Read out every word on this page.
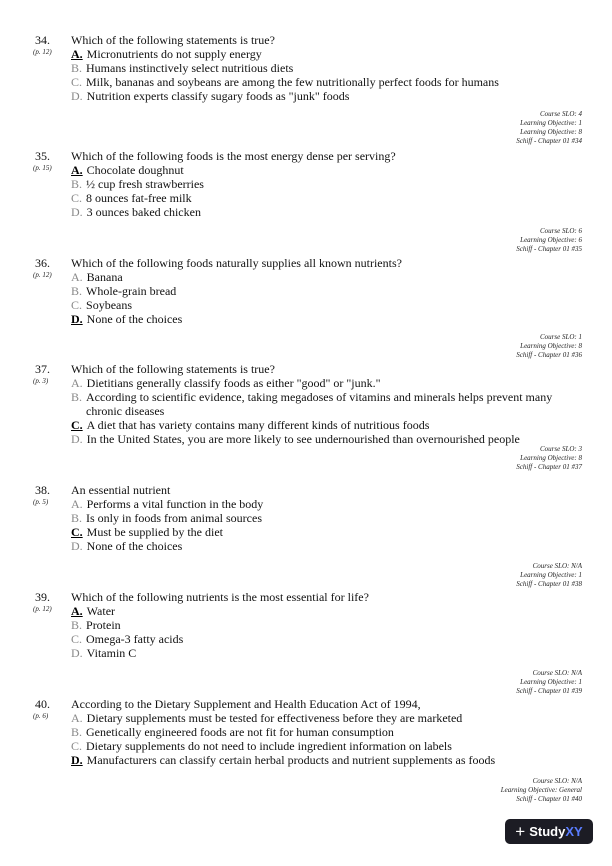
34.
(p. 12)
Which of the following statements is true?
A. Micronutrients do not supply energy
B. Humans instinctively select nutritious diets
C. Milk, bananas and soybeans are among the few nutritionally perfect foods for humans
D. Nutrition experts classify sugary foods as "junk" foods
Course SLO: 4
Learning Objective: 1
Learning Objective: 8
Schiff - Chapter 01 #34
35.
(p. 15)
Which of the following foods is the most energy dense per serving?
A. Chocolate doughnut
B. ½ cup fresh strawberries
C. 8 ounces fat-free milk
D. 3 ounces baked chicken
Course SLO: 6
Learning Objective: 6
Schiff - Chapter 01 #35
36.
(p. 12)
Which of the following foods naturally supplies all known nutrients?
A. Banana
B. Whole-grain bread
C. Soybeans
D. None of the choices
Course SLO: 1
Learning Objective: 8
Schiff - Chapter 01 #36
37.
(p. 3)
Which of the following statements is true?
A. Dietitians generally classify foods as either "good" or "junk."
B. According to scientific evidence, taking megadoses of vitamins and minerals helps prevent many chronic diseases
C. A diet that has variety contains many different kinds of nutritious foods
D. In the United States, you are more likely to see undernourished than overnourished people
Course SLO: 3
Learning Objective: 8
Schiff - Chapter 01 #37
38.
(p. 5)
An essential nutrient
A. Performs a vital function in the body
B. Is only in foods from animal sources
C. Must be supplied by the diet
D. None of the choices
Course SLO: N/A
Learning Objective: 1
Schiff - Chapter 01 #38
39.
(p. 12)
Which of the following nutrients is the most essential for life?
A. Water
B. Protein
C. Omega-3 fatty acids
D. Vitamin C
Course SLO: N/A
Learning Objective: 1
Schiff - Chapter 01 #39
40.
(p. 6)
According to the Dietary Supplement and Health Education Act of 1994,
A. Dietary supplements must be tested for effectiveness before they are marketed
B. Genetically engineered foods are not fit for human consumption
C. Dietary supplements do not need to include ingredient information on labels
D. Manufacturers can classify certain herbal products and nutrient supplements as foods
Course SLO: N/A
Learning Objective: General
Schiff - Chapter 01 #40
+ Study XY
